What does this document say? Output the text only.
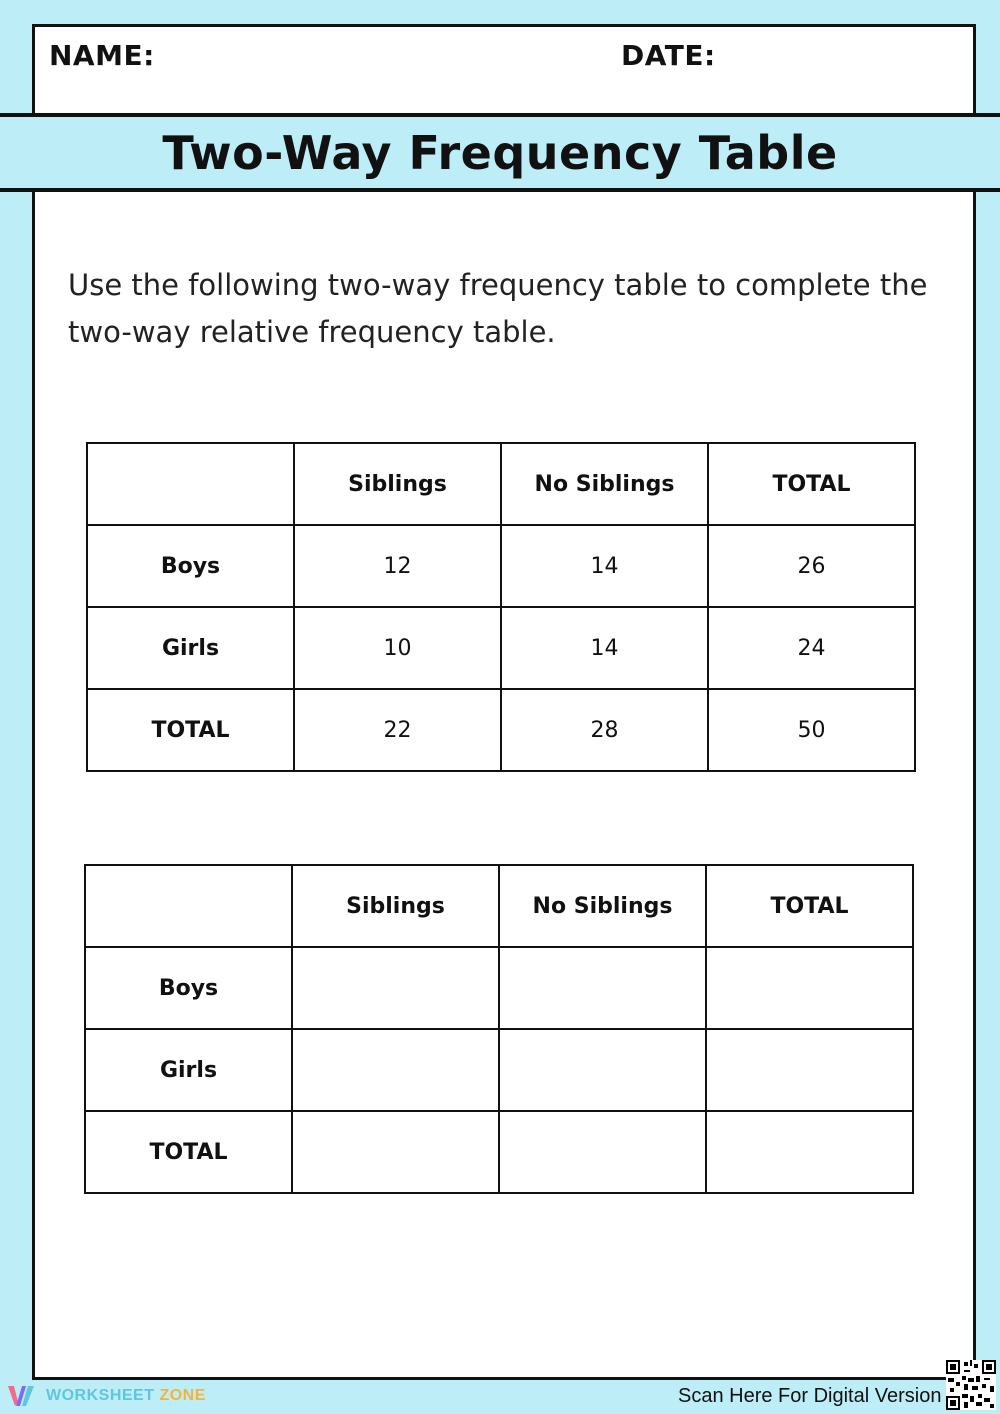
NAME:	DATE:
Two-Way Frequency Table

Use the following two-way frequency table to complete the two-way relative frequency table.

	Siblings	No Siblings	TOTAL
Boys	12	14	26
Girls	10	14	24
TOTAL	22	28	50
	Siblings	No Siblings	TOTAL
Boys			
Girls			
TOTAL			
WORKSHEET ZONE	Scan Here For Digital Version
